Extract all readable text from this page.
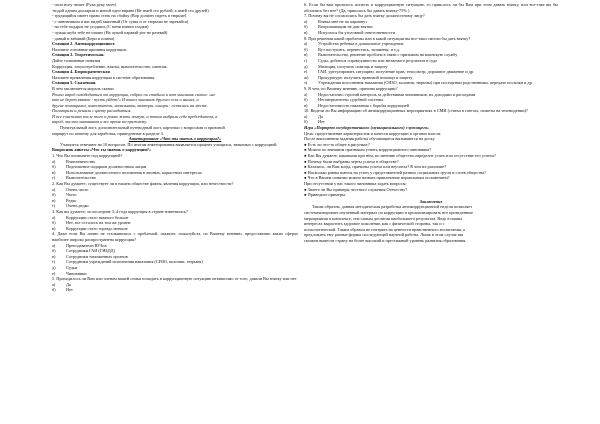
- пола ногу чешет (Рука руку моет)
-водой одним долларом и меной одно вправа (Не имей сто рублей, а имей сто друзей)
- трудящийся имеет право стать на сбойку (Вор должен сидеть в тюрьме)
- с чиновником и вас видей законный (От сумы и от тюрьмы не зарекайся)
- на тебе подарок не угодишь (С меня взятки гладки)
- чужая шуба тебе не шапит (На чужой каравай рот не разевай)
- даный и забывай (Бери и помни)
Станция 2. Антикоррупционист.
Назовите основные причины коррупции.
Станция 3. Теоретическая.
Дайте толкование понятия
Коррупция, злоупотребление, взятка, вымогательство, шантаж.
Станция 4. Бюрократическая
Назовите проявления коррупции в системе образования.
Станция 5. Сказочная.
В чем заключается мораль сказки.
Решил народ освободиться от коррупции, собрал он стадион и вот чиновник сказал: «не
кто не берет взятки - пусть уйдет!» И вошел чиновник другого села и вышел, а
другие помощники, заместители, начальники, вахтеры, писари - остались на месте.
Поговорили и решили с цвету расходиться.
И все счастливо после того и ровно жить живут, а потом выбрали себе председателя, а
народ, числом чиновников и все время по-прежнему.
Пунктуальный лист, дополнительный путеводный лист, карточки с вопросами и призовой
маршрут по пешему для заработка, приведенные в разделе 3.
Анкетирование «Что ты знаешь о коррупции?»
Учащиеся отвечают на 10 вопросов. По итогам анкетирования выявляется процент учащихся, знакомых с коррупцией.
Вопросник анкеты «Что ты знаешь о коррупции?»
1. Что Вы понимаете под коррупцией?
а)	Взяточничество
б)	Подношение подарков должностным лицам
в)	Использование должностного положения в личных, корыстных интересах
г)	Вымогательство
2. Как Вы думаете, существует ли в нашем обществе факты, явления коррупции, или нечестности?
а)	Очень часто
б)	Часто
в)	Редко
г)	Очень редко
3. Как вы думаете, за последние 3–4 года коррупция в стране изменилась?
а)	Коррупции стало намного больше
б)	Нет, все осталось на том же уровне
в)	Коррупции стало гораздо меньше
4. Даже если Вы лично не сталкивались с проблемой, скажите, пожалуйста, по Вашему мнению, предоставляю каких сферах наиболее широко распространена коррупция?
а)	Преподаватели ВУЗов
б)	Сотрудники ГАИ (ГИБДД)
в)	Сотрудники таможенных органов
г)	Сотрудники учреждений исполнения наказания (СИЗО, колонии, тюрьмы)
д)	Судьи
е)	Чиновники
5. Приходилось ли Вам или членам вашей семьи попадать в коррупционную ситуацию независимо от того, давали Вы взятку или нет
а)	Да
б)	Нет
6. Если бы вам пришлось попасть в коррупционную ситуацию, то пришлось ли бы Вам при этом давать взятку, или все-таке вы бы обошлись без нее? (Да, пришлось бы давать взятку-75% )
7. Почему вы не согласились бы дать взятку должностному лицу?
а)	Взятка мне не по карману»
б)	Вопрошающим не дам взятки
в)	Испугался бы уголовной ответственности
8. При решении какой проблемы или в какой ситуации вы все-таки смогли бы дать взятку?
а)	Устройство ребенка в дошкольное учреждение
б)	Вуз поступить, перевестись, экзамены, и т.д.
в)	Вымогательство, решение проблем в связи с призывом на воинскую службу
г)	Суды, добиться справедливости или желаемого результата в суде
д)	Милиция, получить помощь и защиту
е)	ГАИ, урегулировать ситуацию, получение прав, техосмотр, дорожное движение и др.
ж)	Прокуратура: получить правовой помощи и защиту
з)	Учреждения исполнения наказания (СИЗО, колонии, тюрьмы) при посещении родственника, передаче посылки и др.
9. В чем, по Вашему мнению, причина коррупции?
а)	Недостаточно строгий контроль за действиями чиновников, их доходами и расходами
б)	Несовершенство судебной системы
в)	Недостаточность наказания с борьбы коррупцией
10. Видели ли Вы информацию об антикоррупционных мероприятиях в СМИ (статьи в газетах, сюжеты на телевидении)?
а)	Да
б)	Нет
Игра «Портрет государственного (муниципального) служащего»
Цель: представление характеристик и качеств коррупции в органах власти.
После выполнения задания работы обучающиеся вызываются на доску.
● Есть ли что-то общее в рисунках?
● Можно по внешним признакам узнать коррупционного чиновника?
● Как Вы думаете, каковыми при нём, по мнению общества определит успех или отсутствие его успеха?
● Почему были выбраны черты успеха в обществе?
● Казались, ли Вам когда, причины успеха или неуспеха? В чем их различие?
● Насколько равны шансы на успех у представителей разных социальных групп и слоев общества?
● Что в Вашем понятии можно назвать привлечение нормальным положением?
При отсутствии у вас такого чиновника задать вопросы:
● Знаете ли Вы примеры честного служения Отечеству?
● Приведите примеры.
Заключение
Таким образом, данная методическая разработка антикоррупционной недели позволяет
систематизировать изученный материал по коррупции и проанализировать все проведенные
мероприятия в комплексе, тем самым достигая наибольшего результата. Ведь в наших
интересах вырастить здоровое поколение, как с физической стороны, так и с
психологической. Таким образом не потерять на ценности нравственного воспитания, а
предложить ему разные формы последующей научной работы. Лишь в этом случае мы
сможем вывести страну на более высокий и престижный уровень развития образования.
